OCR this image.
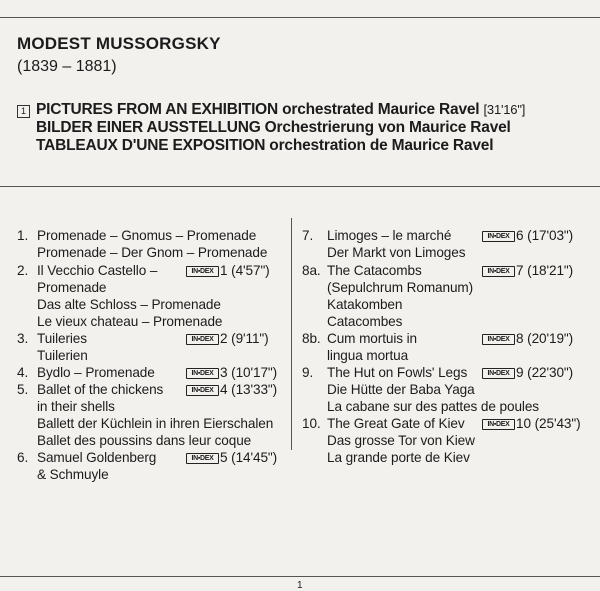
MODEST MUSSORGSKY
(1839 – 1881)
1 PICTURES FROM AN EXHIBITION orchestrated Maurice Ravel [31'16"]
BILDER EINER AUSSTELLUNG Orchestrierung von Maurice Ravel
TABLEAUX D'UNE EXPOSITION orchestration de Maurice Ravel
1. Promenade – Gnomus – Promenade
Promenade – Der Gnom – Promenade
2. Il Vecchio Castello –
Promenade
Das alte Schloss – Promenade
Le vieux chateau – Promenade
3. Tuileries
Tuilerien
4. Bydlo – Promenade
5. Ballet of the chickens
in their shells
Ballett der Küchlein in ihren Eierschalen
Ballet des poussins dans leur coque
6. Samuel Goldenberg
& Schmuyle
IN▪DEX 1 (4'57")
IN▪DEX 2 (9'11")
IN▪DEX 3 (10'17")
IN▪DEX 4 (13'33")
IN▪DEX 5 (14'45")
7. Limoges – le marché
Der Markt von Limoges
8a. The Catacombs
(Sepulchrum Romanum)
Katakomben
Catacombes
8b. Cum mortuis in
lingua mortua
9. The Hut on Fowls' Legs
Die Hütte der Baba Yaga
La cabane sur des pattes de poules
10. The Great Gate of Kiev
Das grosse Tor von Kiew
La grande porte de Kiev
IN▪DEX 6 (17'03")
IN▪DEX 7 (18'21")
IN▪DEX 8 (20'19")
IN▪DEX 9 (22'30")
IN▪DEX 10 (25'43")
1
